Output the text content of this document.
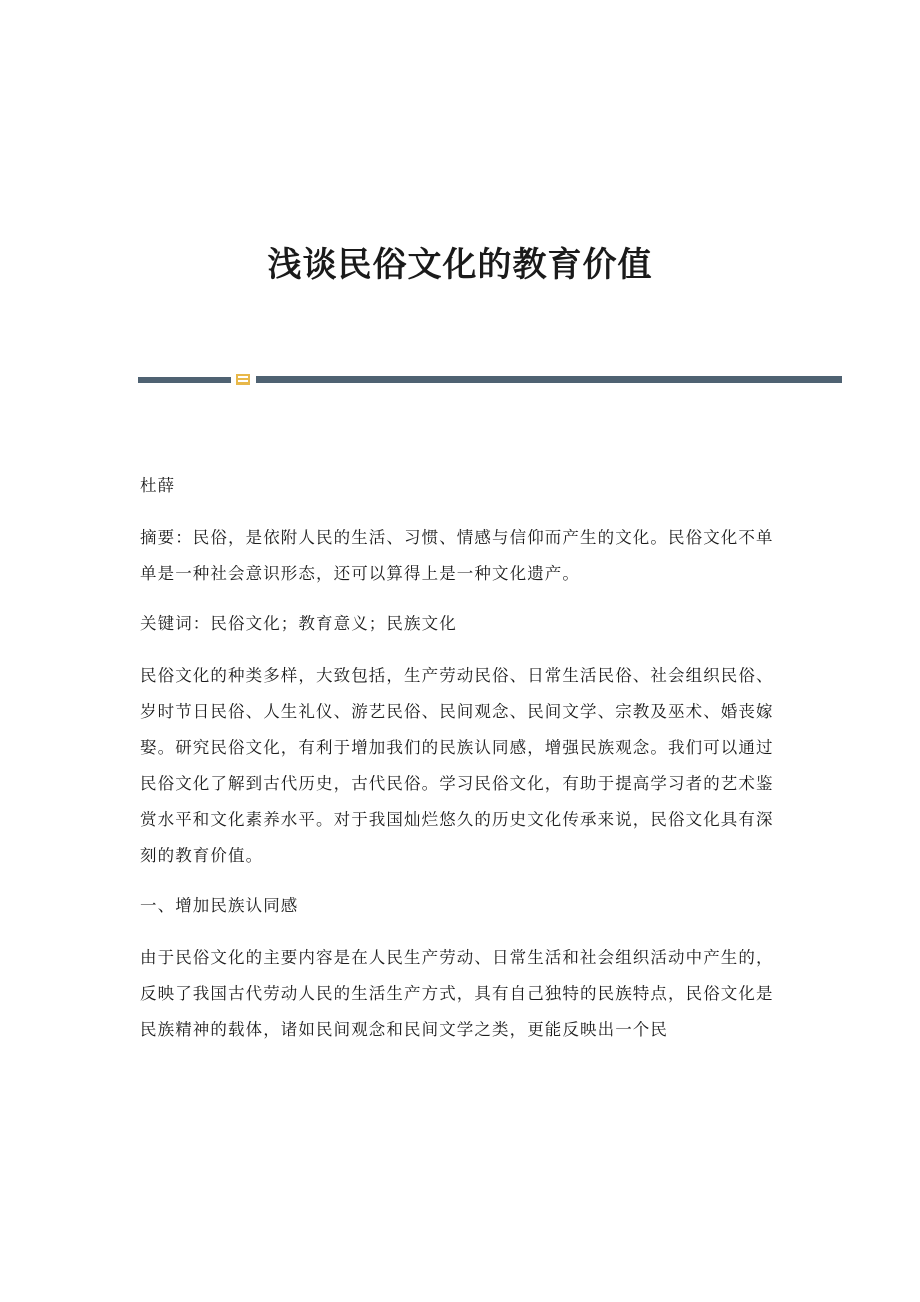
浅谈民俗文化的教育价值

杜薛

摘要：民俗，是依附人民的生活、习惯、情感与信仰而产生的文化。民俗文化不单单是一种社会意识形态，还可以算得上是一种文化遗产。

关键词：民俗文化；教育意义；民族文化

民俗文化的种类多样，大致包括，生产劳动民俗、日常生活民俗、社会组织民俗、岁时节日民俗、人生礼仪、游艺民俗、民间观念、民间文学、宗教及巫术、婚丧嫁娶。研究民俗文化，有利于增加我们的民族认同感，增强民族观念。我们可以通过民俗文化了解到古代历史，古代民俗。学习民俗文化，有助于提高学习者的艺术鉴赏水平和文化素养水平。对于我国灿烂悠久的历史文化传承来说，民俗文化具有深刻的教育价值。

一、增加民族认同感

由于民俗文化的主要内容是在人民生产劳动、日常生活和社会组织活动中产生的，反映了我国古代劳动人民的生活生产方式，具有自己独特的民族特点，民俗文化是民族精神的载体，诸如民间观念和民间文学之类，更能反映出一个民
